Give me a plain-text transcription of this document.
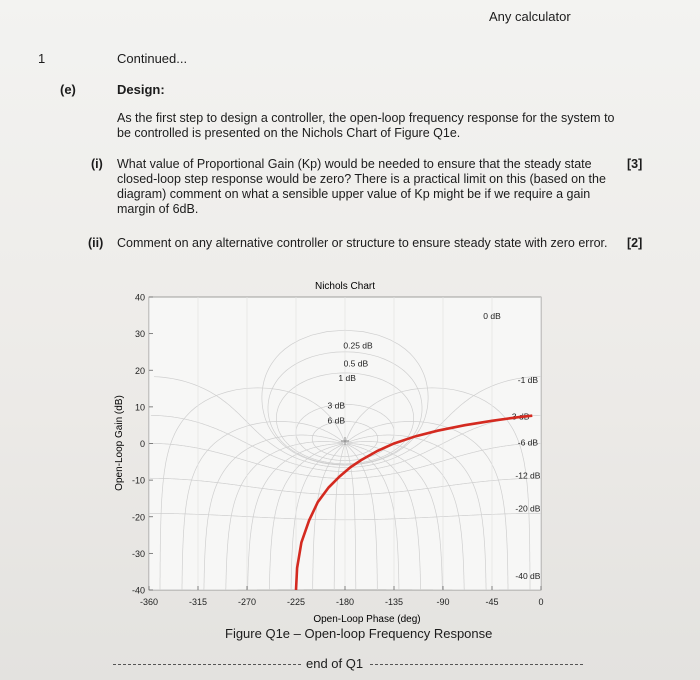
Any calculator
1	Continued...
(e)	Design:
As the first step to design a controller, the open-loop frequency response for the system to be controlled is presented on the Nichols Chart of Figure Q1e.
(i) What value of Proportional Gain (Kp) would be needed to ensure that the steady state closed-loop step response would be zero? There is a practical limit on this (based on the diagram) comment on what a sensible upper value of Kp might be if we require a gain margin of 6dB.
[3]
(ii) Comment on any alternative controller or structure to ensure steady state with zero error.	[2]
Nichols Chart
40
30
20
10
0
-10
-20
-30
-40
-360	-315	-270	-225	-180	-135	-90	-45	0
0 dB
0.25 dB
0.5 dB
1 dB
3 dB
6 dB
-1 dB
-3 dB
-6 dB
-12 dB
-20 dB
-40 dB
Open-Loop Phase (deg)
Open-Loop Gain (dB)
Figure Q1e – Open-loop Frequency Response
end of Q1
